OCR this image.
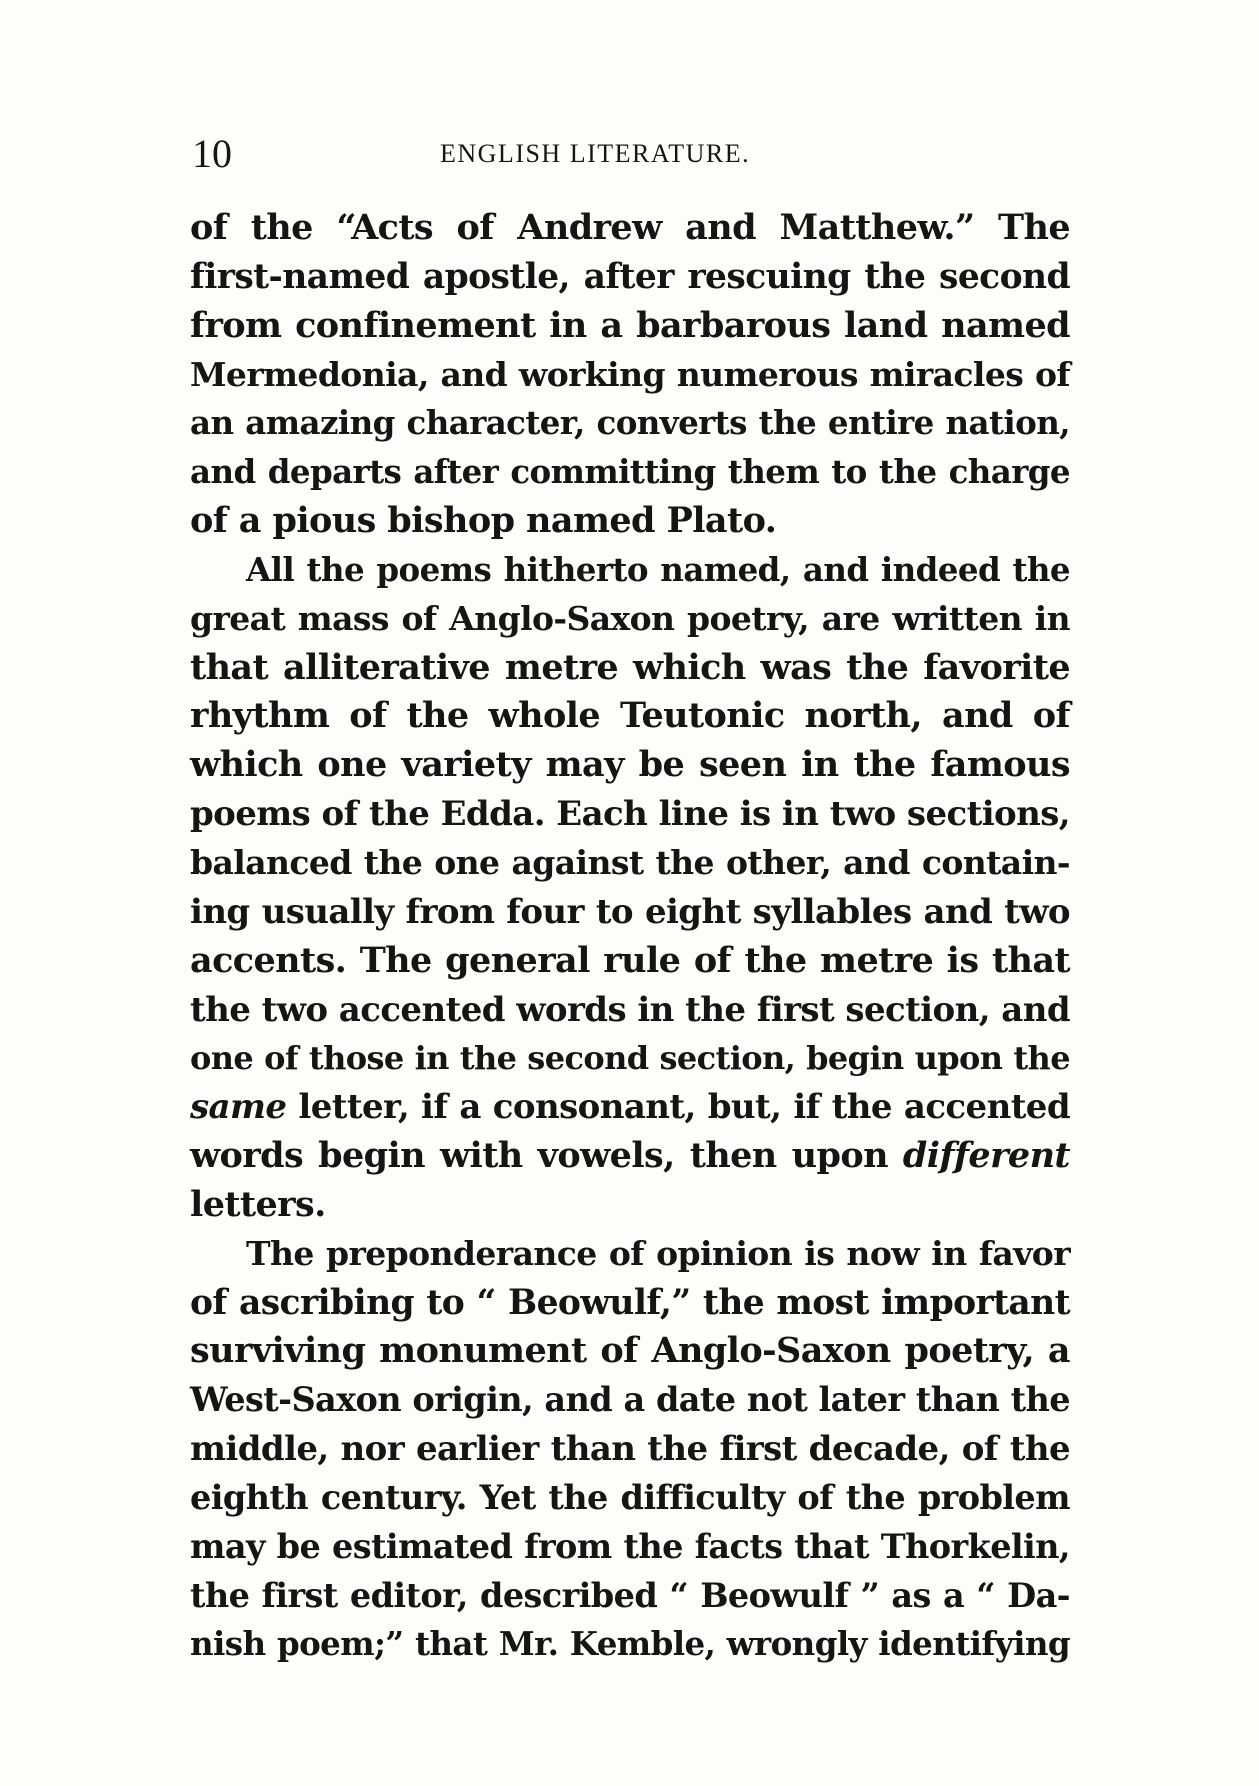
10	ENGLISH LITERATURE.
of the “Acts of Andrew and Matthew.” The
first-named apostle, after rescuing the second
from confinement in a barbarous land named
Mermedonia, and working numerous miracles of
an amazing character, converts the entire nation,
and departs after committing them to the charge
of a pious bishop named Plato.
All the poems hitherto named, and indeed the
great mass of Anglo-Saxon poetry, are written in
that alliterative metre which was the favorite
rhythm of the whole Teutonic north, and of
which one variety may be seen in the famous
poems of the Edda. Each line is in two sections,
balanced the one against the other, and contain-
ing usually from four to eight syllables and two
accents. The general rule of the metre is that
the two accented words in the first section, and
one of those in the second section, begin upon the
same letter, if a consonant, but, if the accented
words begin with vowels, then upon different
letters.
The preponderance of opinion is now in favor
of ascribing to “ Beowulf,” the most important
surviving monument of Anglo-Saxon poetry, a
West-Saxon origin, and a date not later than the
middle, nor earlier than the first decade, of the
eighth century. Yet the difficulty of the problem
may be estimated from the facts that Thorkelin,
the first editor, described “ Beowulf ” as a “ Da-
nish poem;” that Mr. Kemble, wrongly identifying
